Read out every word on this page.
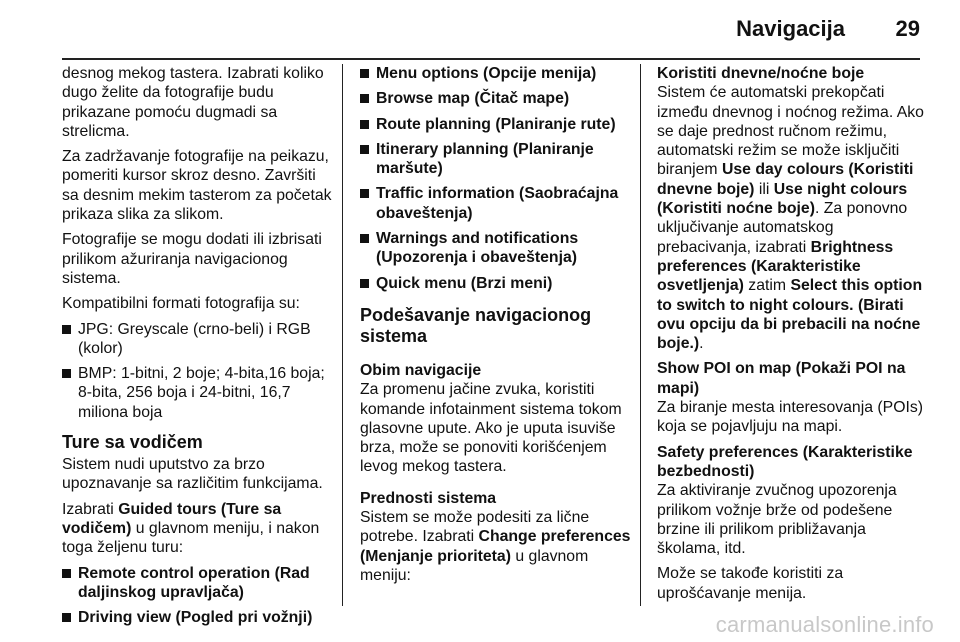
Navigacija	29

desnog mekog tastera. Izabrati koliko dugo želite da fotografije budu prikazane pomoću dugmadi sa strelicma.

Za zadržavanje fotografije na peikazu, pomeriti kursor skroz desno. Završiti sa desnim mekim tasterom za početak prikaza slika za slikom.

Fotografije se mogu dodati ili izbrisati prilikom ažuriranja navigacionog sistema.

Kompatibilni formati fotografija su:

JPG: Greyscale (crno-beli) i RGB (kolor)
BMP: 1-bitni, 2 boje; 4-bita,16 boja; 8-bita, 256 boja i 24-bitni, 16,7 miliona boja
Ture sa vodičem

Sistem nudi uputstvo za brzo upoznavanje sa različitim funkcijama.

Izabrati Guided tours (Ture sa vodičem) u glavnom meniju, i nakon toga željenu turu:

Remote control operation (Rad daljinskog upravljača)
Driving view (Pogled pri vožnji)
Menu options (Opcije menija)
Browse map (Čitač mape)
Route planning (Planiranje rute)
Itinerary planning (Planiranje maršute)
Traffic information (Saobraćajna obaveštenja)
Warnings and notifications (Upozorenja i obaveštenja)
Quick menu (Brzi meni)
Podešavanje navigacionog sistema

Obim navigacije
Za promenu jačine zvuka, koristiti komande infotainment sistema tokom glasovne upute. Ako je uputa isuviše brza, može se ponoviti korišćenjem levog mekog tastera.

Prednosti sistema
Sistem se može podesiti za lične potrebe. Izabrati Change preferences (Menjanje prioriteta) u glavnom meniju:

Koristiti dnevne/noćne boje
Sistem će automatski prekopčati između dnevnog i noćnog režima. Ako se daje prednost ručnom režimu, automatski režim se može isključiti biranjem Use day colours (Koristiti dnevne boje) ili Use night colours (Koristiti noćne boje). Za ponovno uključivanje automatskog prebacivanja, izabrati Brightness preferences (Karakteristike osvetljenja) zatim Select this option to switch to night colours. (Birati ovu opciju da bi prebacili na noćne boje.).

Show POI on map (Pokaži POI na mapi)
Za biranje mesta interesovanja (POIs) koja se pojavljuju na mapi.

Safety preferences (Karakteristike bezbednosti)
Za aktiviranje zvučnog upozorenja prilikom vožnje brže od podešene brzine ili prilikom približavanja školama, itd.

Može se takođe koristiti za uprošćavanje menija.

carmanualsonline.info
